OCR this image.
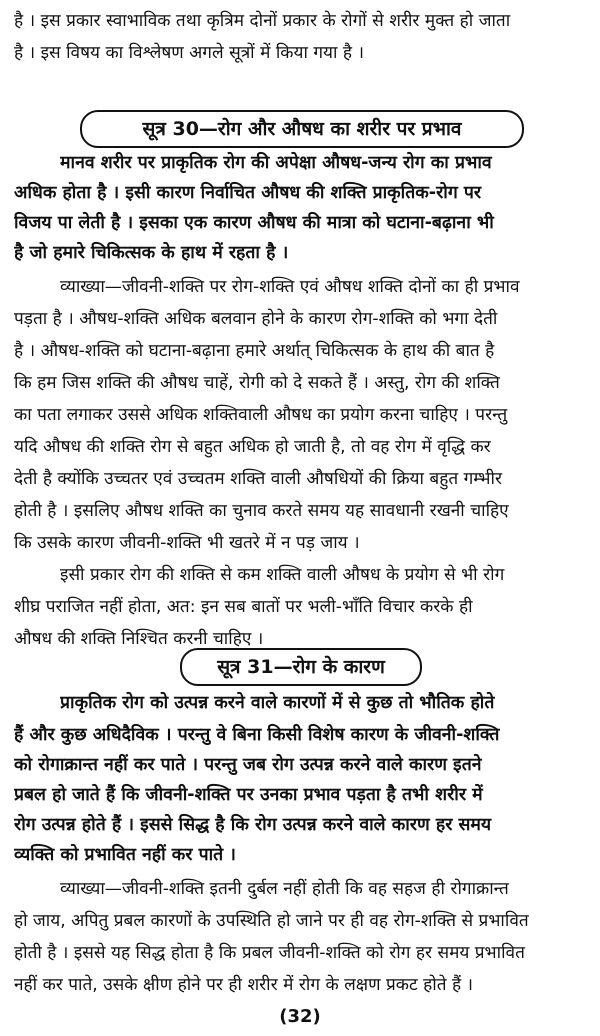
है । इस प्रकार स्वाभाविक तथा कृत्रिम दोनों प्रकार के रोगों से शरीर मुक्त हो जाता
है । इस विषय का विश्लेषण अगले सूत्रों में किया गया है ।
सूत्र 30—रोग और औषध का शरीर पर प्रभाव
मानव शरीर पर प्राकृतिक रोग की अपेक्षा औषध-जन्य रोग का प्रभाव
अधिक होता है । इसी कारण निर्वाचित औषध की शक्ति प्राकृतिक-रोग पर
विजय पा लेती है । इसका एक कारण औषध की मात्रा को घटाना-बढ़ाना भी
है जो हमारे चिकित्सक के हाथ में रहता है ।
व्याख्या—जीवनी-शक्ति पर रोग-शक्ति एवं औषध शक्ति दोनों का ही प्रभाव
पड़ता है । औषध-शक्ति अधिक बलवान होने के कारण रोग-शक्ति को भगा देती
है । औषध-शक्ति को घटाना-बढ़ाना हमारे अर्थात् चिकित्सक के हाथ की बात है
कि हम जिस शक्ति की औषध चाहें, रोगी को दे सकते हैं । अस्तु, रोग की शक्ति
का पता लगाकर उससे अधिक शक्तिवाली औषध का प्रयोग करना चाहिए । परन्तु
यदि औषध की शक्ति रोग से बहुत अधिक हो जाती है, तो वह रोग में वृद्धि कर
देती है क्योंकि उच्चतर एवं उच्चतम शक्ति वाली औषधियों की क्रिया बहुत गम्भीर
होती है । इसलिए औषध शक्ति का चुनाव करते समय यह सावधानी रखनी चाहिए
कि उसके कारण जीवनी-शक्ति भी खतरे में न पड़ जाय ।
इसी प्रकार रोग की शक्ति से कम शक्ति वाली औषध के प्रयोग से भी रोग
शीघ्र पराजित नहीं होता, अत: इन सब बातों पर भली-भाँति विचार करके ही
औषध की शक्ति निश्चित करनी चाहिए ।
सूत्र 31—रोग के कारण
प्राकृतिक रोग को उत्पन्न करने वाले कारणों में से कुछ तो भौतिक होते
हैं और कुछ अधिदैविक । परन्तु वे बिना किसी विशेष कारण के जीवनी-शक्ति
को रोगाक्रान्त नहीं कर पाते । परन्तु जब रोग उत्पन्न करने वाले कारण इतने
प्रबल हो जाते हैं कि जीवनी-शक्ति पर उनका प्रभाव पड़ता है तभी शरीर में
रोग उत्पन्न होते हैं । इससे सिद्ध है कि रोग उत्पन्न करने वाले कारण हर समय
व्यक्ति को प्रभावित नहीं कर पाते ।
व्याख्या—जीवनी-शक्ति इतनी दुर्बल नहीं होती कि वह सहज ही रोगाक्रान्त
हो जाय, अपितु प्रबल कारणों के उपस्थिति हो जाने पर ही वह रोग-शक्ति से प्रभावित
होती है । इससे यह सिद्ध होता है कि प्रबल जीवनी-शक्ति को रोग हर समय प्रभावित
नहीं कर पाते, उसके क्षीण होने पर ही शरीर में रोग के लक्षण प्रकट होते हैं ।
(32)
